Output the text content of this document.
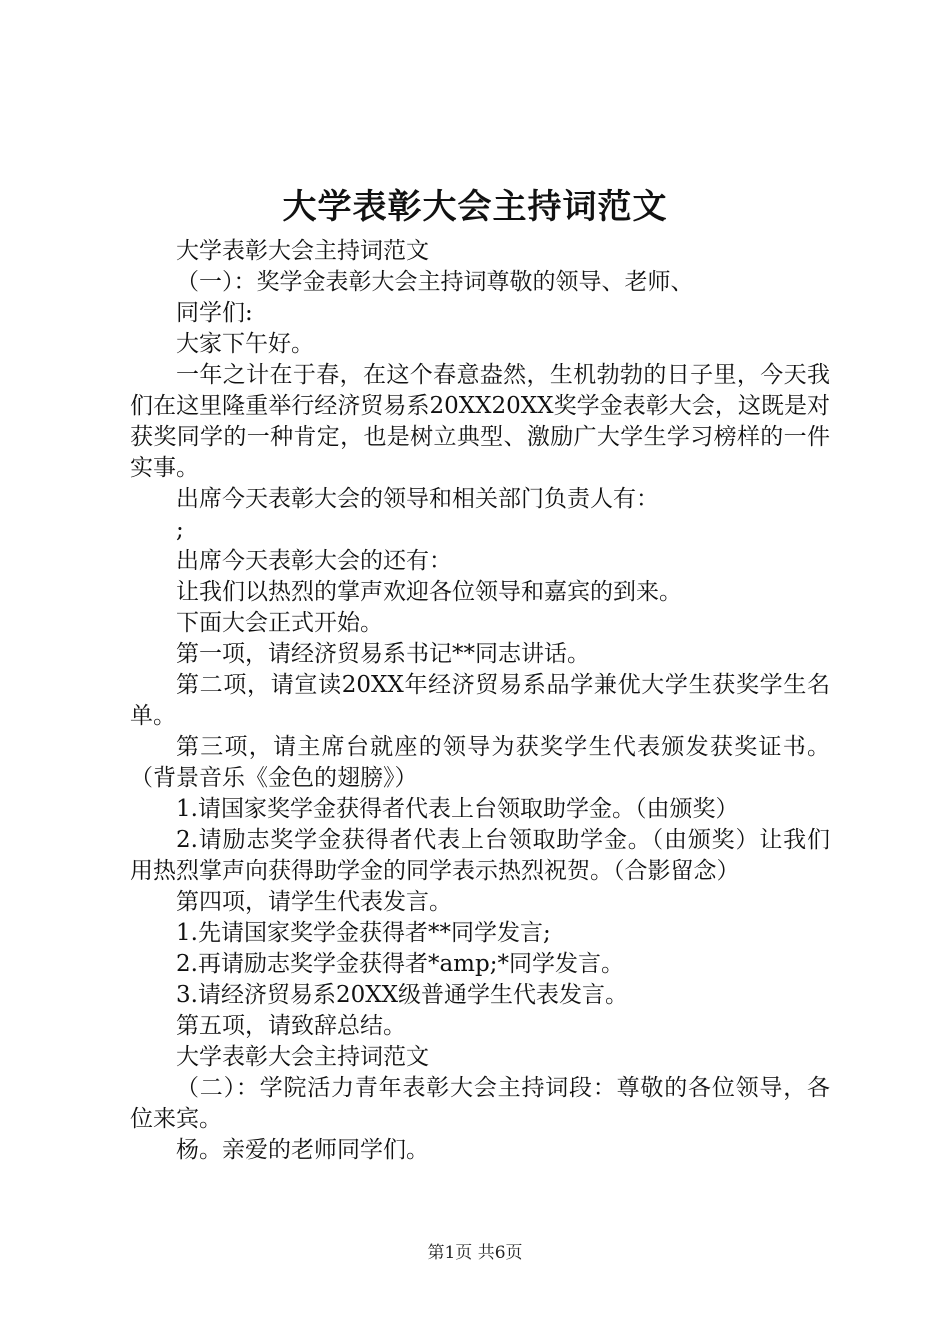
大学表彰大会主持词范文

大学表彰大会主持词范文

（一）：奖学金表彰大会主持词尊敬的领导、老师、

同学们:

大家下午好。

一年之计在于春，在这个春意盎然，生机勃勃的日子里，今天我们在这里隆重举行经济贸易系20XX20XX奖学金表彰大会，这既是对获奖同学的一种肯定，也是树立典型、激励广大学生学习榜样的一件实事。

出席今天表彰大会的领导和相关部门负责人有：

;

出席今天表彰大会的还有：

让我们以热烈的掌声欢迎各位领导和嘉宾的到来。

下面大会正式开始。

第一项，请经济贸易系书记**同志讲话。

第二项，请宣读20XX年经济贸易系品学兼优大学生获奖学生名单。

第三项，请主席台就座的领导为获奖学生代表颁发获奖证书。（背景音乐《金色的翅膀》）

1.请国家奖学金获得者代表上台领取助学金。（由颁奖）

2.请励志奖学金获得者代表上台领取助学金。（由颁奖）让我们用热烈掌声向获得助学金的同学表示热烈祝贺。（合影留念）

第四项，请学生代表发言。

1.先请国家奖学金获得者**同学发言;

2.再请励志奖学金获得者*amp;*同学发言。

3.请经济贸易系20XX级普通学生代表发言。

第五项，请致辞总结。

大学表彰大会主持词范文

（二）：学院活力青年表彰大会主持词段：尊敬的各位领导，各位来宾。

杨。亲爱的老师同学们。

第1页 共6页
